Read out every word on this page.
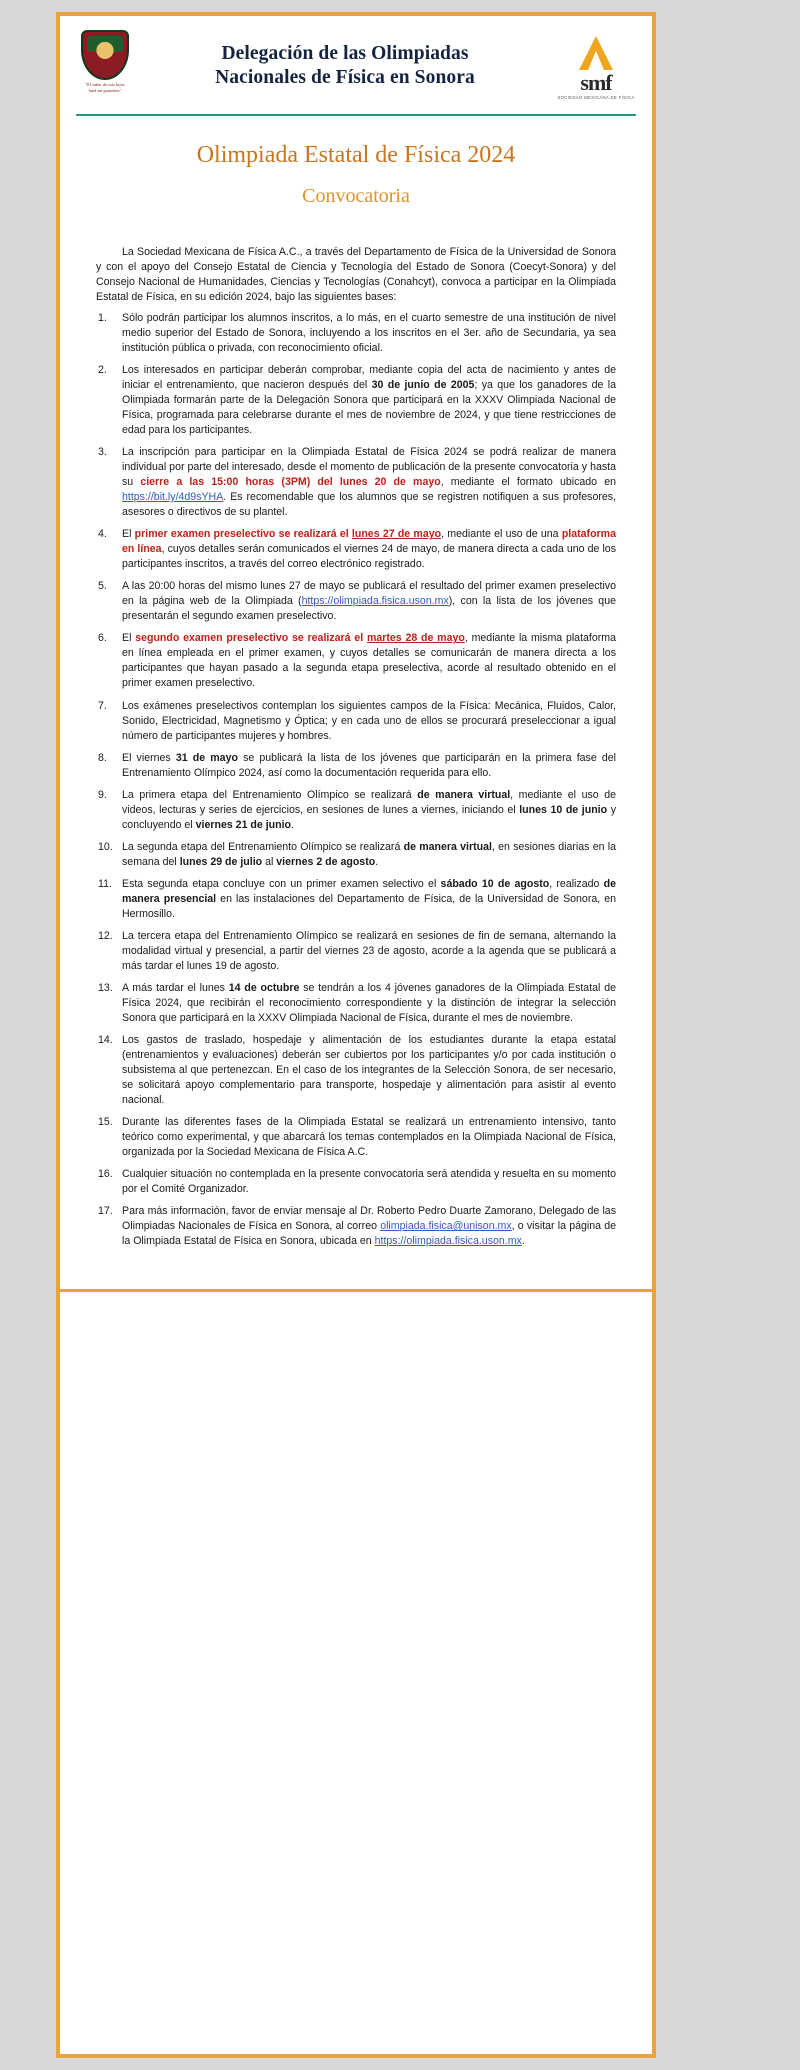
"El saber de mis hijos
hará mi grandeza"
Delegación de las Olimpiadas
Nacionales de Física en Sonora	smf
SOCIEDAD MEXICANA DE FÍSICA
Olimpiada Estatal de Física 2024
Convocatoria

La Sociedad Mexicana de Física A.C., a través del Departamento de Física de la Universidad de Sonora y con el apoyo del Consejo Estatal de Ciencia y Tecnología del Estado de Sonora (Coecyt-Sonora) y del Consejo Nacional de Humanidades, Ciencias y Tecnologías (Conahcyt), convoca a participar en la Olimpiada Estatal de Física, en su edición 2024, bajo las siguientes bases:

Sólo podrán participar los alumnos inscritos, a lo más, en el cuarto semestre de una institución de nivel medio superior del Estado de Sonora, incluyendo a los inscritos en el 3er. año de Secundaria, ya sea institución pública o privada, con reconocimiento oficial.
Los interesados en participar deberán comprobar, mediante copia del acta de nacimiento y antes de iniciar el entrenamiento, que nacieron después del 30 de junio de 2005; ya que los ganadores de la Olimpiada formarán parte de la Delegación Sonora que participará en la XXXV Olimpiada Nacional de Física, programada para celebrarse durante el mes de noviembre de 2024, y que tiene restricciones de edad para los participantes.
La inscripción para participar en la Olimpiada Estatal de Física 2024 se podrá realizar de manera individual por parte del interesado, desde el momento de publicación de la presente convocatoria y hasta su cierre a las 15:00 horas (3PM) del lunes 20 de mayo, mediante el formato ubicado en https://bit.ly/4d9sYHA. Es recomendable que los alumnos que se registren notifiquen a sus profesores, asesores o directivos de su plantel.
El primer examen preselectivo se realizará el lunes 27 de mayo, mediante el uso de una plataforma en línea, cuyos detalles serán comunicados el viernes 24 de mayo, de manera directa a cada uno de los participantes inscritos, a través del correo electrónico registrado.
A las 20:00 horas del mismo lunes 27 de mayo se publicará el resultado del primer examen preselectivo en la página web de la Olimpiada (https://olimpiada.fisica.uson.mx), con la lista de los jóvenes que presentarán el segundo examen preselectivo.
El segundo examen preselectivo se realizará el martes 28 de mayo, mediante la misma plataforma en línea empleada en el primer examen, y cuyos detalles se comunicarán de manera directa a los participantes que hayan pasado a la segunda etapa preselectiva, acorde al resultado obtenido en el primer examen preselectivo.
Los exámenes preselectivos contemplan los siguientes campos de la Física: Mecánica, Fluidos, Calor, Sonido, Electricidad, Magnetismo y Óptica; y en cada uno de ellos se procurará preseleccionar a igual número de participantes mujeres y hombres.
El viernes 31 de mayo se publicará la lista de los jóvenes que participarán en la primera fase del Entrenamiento Olímpico 2024, así como la documentación requerida para ello.
La primera etapa del Entrenamiento Olímpico se realizará de manera virtual, mediante el uso de videos, lecturas y series de ejercicios, en sesiones de lunes a viernes, iniciando el lunes 10 de junio y concluyendo el viernes 21 de junio.
La segunda etapa del Entrenamiento Olímpico se realizará de manera virtual, en sesiones diarias en la semana del lunes 29 de julio al viernes 2 de agosto.
Esta segunda etapa concluye con un primer examen selectivo el sábado 10 de agosto, realizado de manera presencial en las instalaciones del Departamento de Física, de la Universidad de Sonora, en Hermosillo.
La tercera etapa del Entrenamiento Olímpico se realizará en sesiones de fin de semana, alternando la modalidad virtual y presencial, a partir del viernes 23 de agosto, acorde a la agenda que se publicará a más tardar el lunes 19 de agosto.
A más tardar el lunes 14 de octubre se tendrán a los 4 jóvenes ganadores de la Olimpiada Estatal de Física 2024, que recibirán el reconocimiento correspondiente y la distinción de integrar la selección Sonora que participará en la XXXV Olimpiada Nacional de Física, durante el mes de noviembre.
Los gastos de traslado, hospedaje y alimentación de los estudiantes durante la etapa estatal (entrenamientos y evaluaciones) deberán ser cubiertos por los participantes y/o por cada institución o subsistema al que pertenezcan. En el caso de los integrantes de la Selección Sonora, de ser necesario, se solicitará apoyo complementario para transporte, hospedaje y alimentación para asistir al evento nacional.
Durante las diferentes fases de la Olimpiada Estatal se realizará un entrenamiento intensivo, tanto teórico como experimental, y que abarcará los temas contemplados en la Olimpiada Nacional de Física, organizada por la Sociedad Mexicana de Física A.C.
Cualquier situación no contemplada en la presente convocatoria será atendida y resuelta en su momento por el Comité Organizador.
Para más información, favor de enviar mensaje al Dr. Roberto Pedro Duarte Zamorano, Delegado de las Olimpiadas Nacionales de Física en Sonora, al correo olimpiada.fisica@unison.mx, o visitar la página de la Olimpiada Estatal de Física en Sonora, ubicada en https://olimpiada.fisica.uson.mx.
